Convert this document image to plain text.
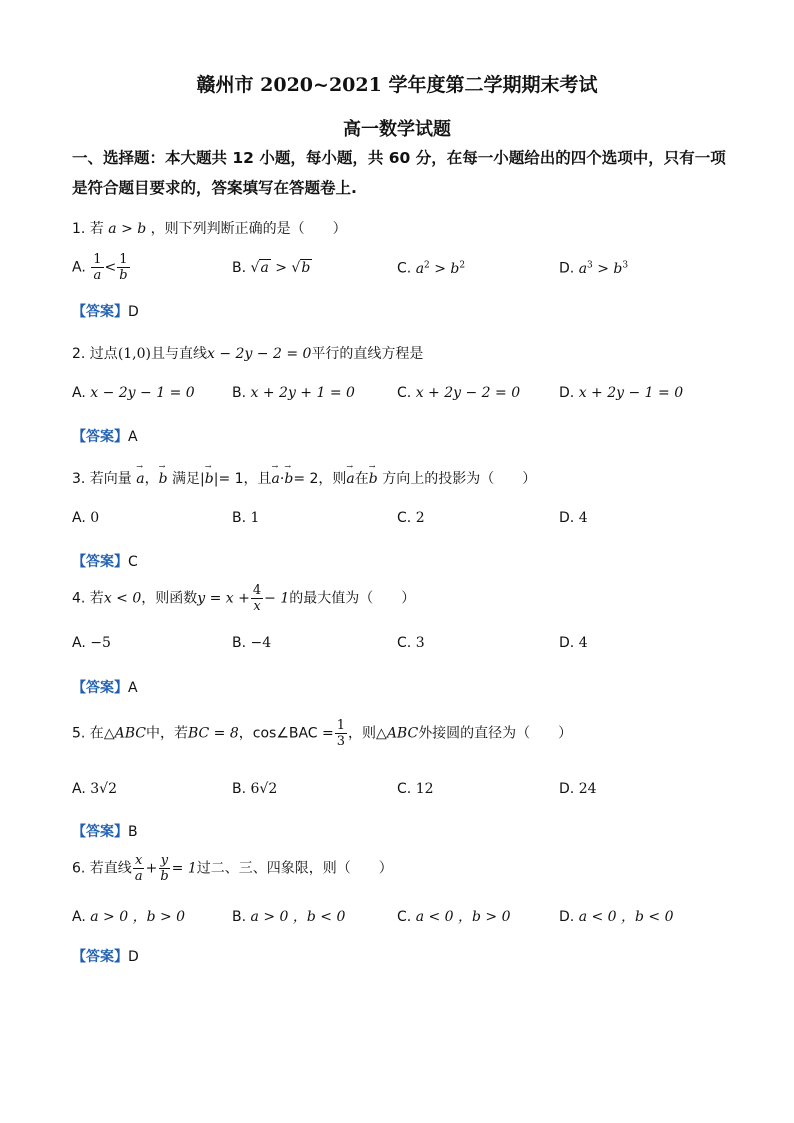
赣州市 2020~2021 学年度第二学期期末考试
高一数学试题
一、选择题：本大题共 12 小题，每小题，共 60 分，在每一小题给出的四个选项中，只有一项
是符合题目要求的，答案填写在答题卷上.
1. 若 a > b ，则下列判断正确的是（　　）
A. $\frac{1}{a} < \frac{1}{b}$	B. √a > √b	C. $a^2 > b^2$	D. $a^3 > b^3$
【答案】D
2. 过点(1,0)且与直线x − 2y − 2 = 0平行的直线方程是
A. x − 2y − 1 = 0	B. x + 2y + 1 = 0	C. x + 2y − 2 = 0	D. x + 2y − 1 = 0
【答案】A
3. 若向量 → a，→ b 满足|→ b|= 1，且→ a·→ b= 2，则→ a在→ b 方向上的投影为（　　）
A. 0	B. 1	C. 2	D. 4
【答案】C
4. 若x < 0，则函数$y = x + \frac{4}{x} - 1$的最大值为（　　）
A. −5	B. −4	C. 3	D. 4
【答案】A
5. 在△ABC中，若BC = 8，cos∠BAC = $\frac{1}{3}$ ，则△ABC外接圆的直径为（　　）
A. 3√2	B. 6√2	C. 12	D. 24
【答案】B
6. 若直线 $\frac{x}{a} + \frac{y}{b} = 1$过二、三、四象限，则（　　）
A. a > 0 ，b > 0	B. a > 0 ，b < 0	C. a < 0 ，b > 0	D. a < 0 ，b < 0
【答案】D
